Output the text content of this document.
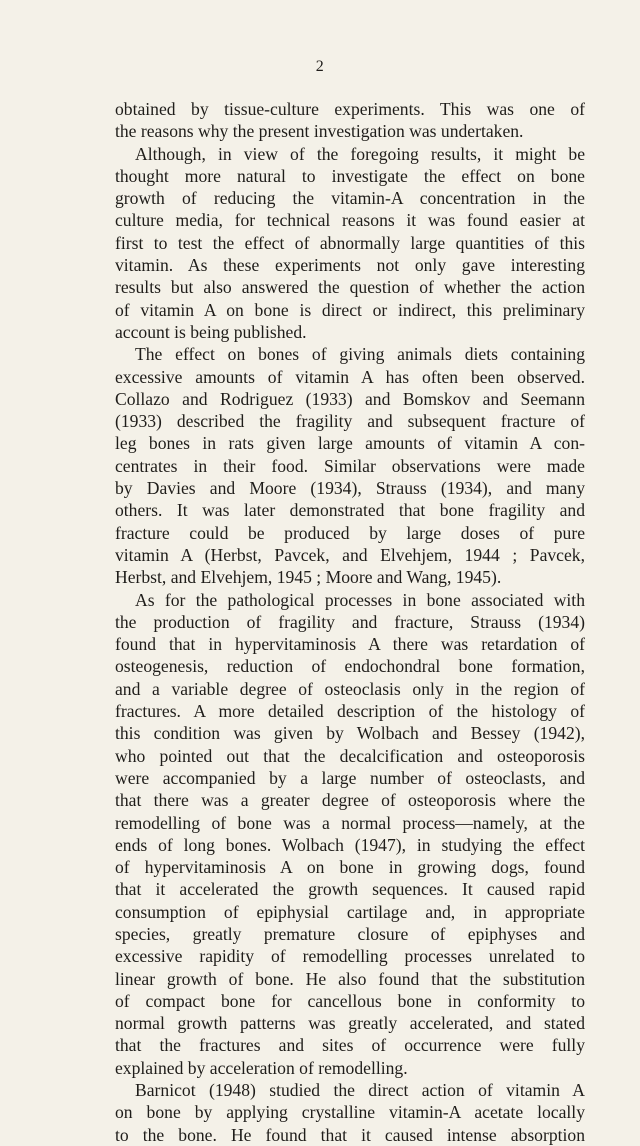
2
obtained by tissue-culture experiments. This was one of
the reasons why the present investigation was undertaken.
Although, in view of the foregoing results, it might be
thought more natural to investigate the effect on bone
growth of reducing the vitamin-A concentration in the
culture media, for technical reasons it was found easier at
first to test the effect of abnormally large quantities of this
vitamin. As these experiments not only gave interesting
results but also answered the question of whether the action
of vitamin A on bone is direct or indirect, this preliminary
account is being published.
The effect on bones of giving animals diets containing
excessive amounts of vitamin A has often been observed.
Collazo and Rodriguez (1933) and Bomskov and Seemann
(1933) described the fragility and subsequent fracture of
leg bones in rats given large amounts of vitamin A con-
centrates in their food. Similar observations were made
by Davies and Moore (1934), Strauss (1934), and many
others. It was later demonstrated that bone fragility and
fracture could be produced by large doses of pure
vitamin A (Herbst, Pavcek, and Elvehjem, 1944 ; Pavcek,
Herbst, and Elvehjem, 1945 ; Moore and Wang, 1945).
As for the pathological processes in bone associated with
the production of fragility and fracture, Strauss (1934)
found that in hypervitaminosis A there was retardation of
osteogenesis, reduction of endochondral bone formation,
and a variable degree of osteoclasis only in the region of
fractures. A more detailed description of the histology of
this condition was given by Wolbach and Bessey (1942),
who pointed out that the decalcification and osteoporosis
were accompanied by a large number of osteoclasts, and
that there was a greater degree of osteoporosis where the
remodelling of bone was a normal process—namely, at the
ends of long bones. Wolbach (1947), in studying the effect
of hypervitaminosis A on bone in growing dogs, found
that it accelerated the growth sequences. It caused rapid
consumption of epiphysial cartilage and, in appropriate
species, greatly premature closure of epiphyses and
excessive rapidity of remodelling processes unrelated to
linear growth of bone. He also found that the substitution
of compact bone for cancellous bone in conformity to
normal growth patterns was greatly accelerated, and stated
that the fractures and sites of occurrence were fully
explained by acceleration of remodelling.
Barnicot (1948) studied the direct action of vitamin A
on bone by applying crystalline vitamin-A acetate locally
to the bone. He found that it caused intense absorption
